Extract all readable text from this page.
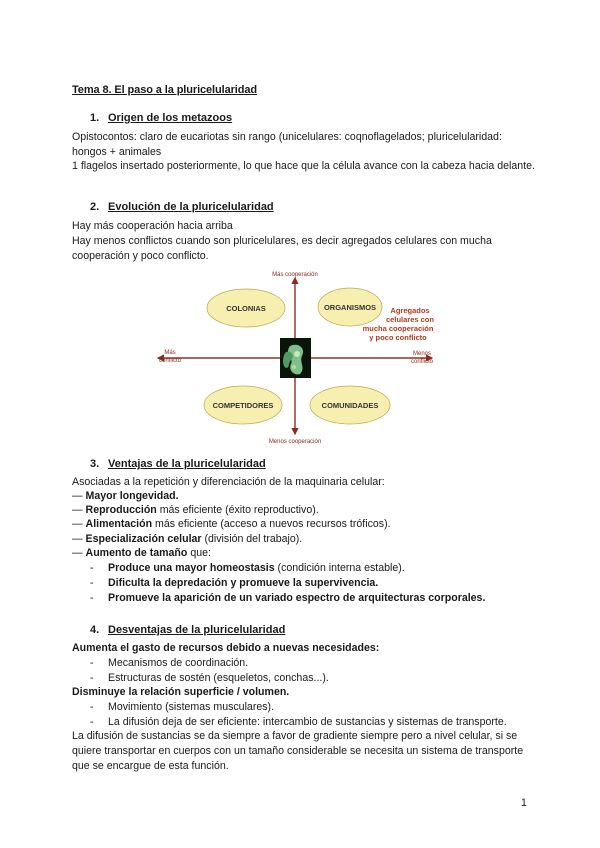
Tema 8. El paso a la pluricelularidad
1. Origen de los metazoos
Opistocontos: claro de eucariotas sin rango (unicelulares: coqnoflagelados; pluricelularidad: hongos + animales
1 flagelos insertado posteriormente, lo que hace que la célula avance con la cabeza hacia delante.
2. Evolución de la pluricelularidad
Hay más cooperación hacia arriba
Hay menos conflictos cuando son pluricelulares, es decir agregados celulares con mucha cooperación y poco conflicto.
Más cooperación
Menos cooperación
Más
conflicto
Menos
conflicto
COLONIAS	ORGANISMOS
COMPETIDORES	COMUNIDADES
Agregados
celulares con
mucha cooperación
y poco conflicto
3. Ventajas de la pluricelularidad
Asociadas a la repetición y diferenciación de la maquinaria celular:
— Mayor longevidad.
— Reproducción más eficiente (éxito reproductivo).
— Alimentación más eficiente (acceso a nuevos recursos tróficos).
— Especialización celular (división del trabajo).
— Aumento de tamaño que:
- Produce una mayor homeostasis (condición interna estable).
- Dificulta la depredación y promueve la supervivencia.
- Promueve la aparición de un variado espectro de arquitecturas corporales.
4. Desventajas de la pluricelularidad
Aumenta el gasto de recursos debido a nuevas necesidades:
- Mecanismos de coordinación.
- Estructuras de sostén (esqueletos, conchas...).
Disminuye la relación superficie / volumen.
- Movimiento (sistemas musculares).
- La difusión deja de ser eficiente: intercambio de sustancias y sistemas de transporte.
La difusión de sustancias se da siempre a favor de gradiente siempre pero a nivel celular, si se quiere transportar en cuerpos con un tamaño considerable se necesita un sistema de transporte que se encargue de esta función.
1
